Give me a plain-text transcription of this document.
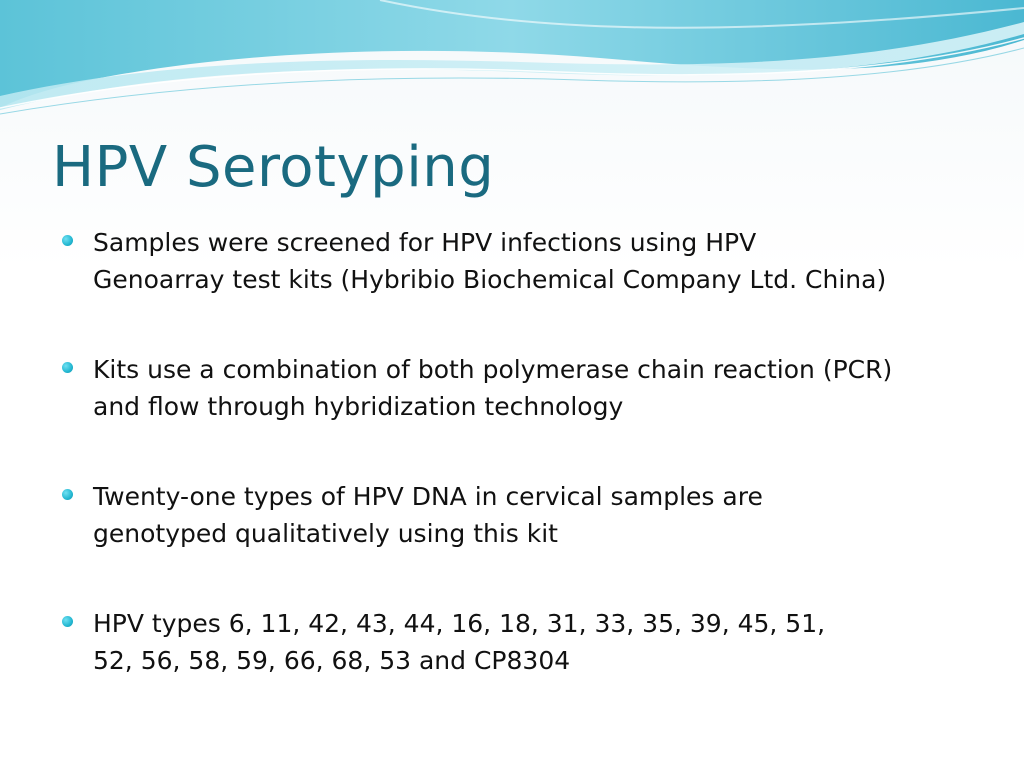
HPV Serotyping
Samples were screened for HPV infections using HPV
Genoarray test kits (Hybribio Biochemical Company Ltd. China)
Kits use a combination of both polymerase chain reaction (PCR)
and flow through hybridization technology
Twenty-one types of HPV DNA in cervical samples are
genotyped qualitatively using this kit
HPV types 6, 11, 42, 43, 44, 16, 18, 31, 33, 35, 39, 45, 51,
52, 56, 58, 59, 66, 68, 53 and CP8304
